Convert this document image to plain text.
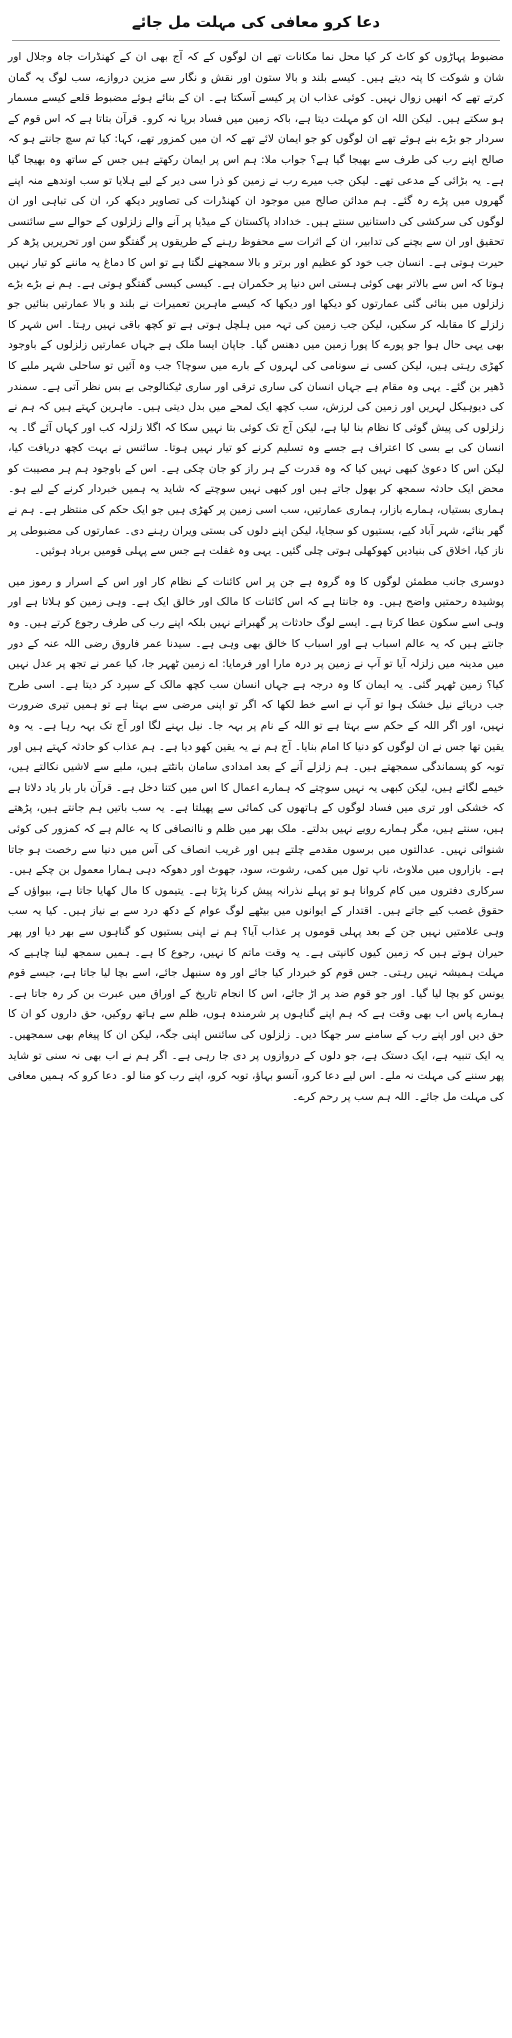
دعا کرو معافی کی مہلت مل جائے

مضبوط پہاڑوں کو کاٹ کر کیا محل نما مکانات تھے ان لوگوں کے کہ آج بھی ان کے کھنڈرات جاہ وجلال اور شان و شوکت کا پتہ دیتے ہیں۔ کیسے بلند و بالا ستون اور نقش و نگار سے مزین دروازے، سب لوگ یہ گمان کرتے تھے کہ انھیں زوال نہیں۔ کوئی عذاب ان پر کیسے آسکتا ہے۔ ان کے بنائے ہوئے مضبوط قلعے کیسے مسمار ہو سکتے ہیں۔ لیکن اللہ ان کو مہلت دیتا ہے، باکہ زمین میں فساد برپا نہ کرو۔ قرآن بتاتا ہے کہ اس قوم کے سردار جو بڑے بنے ہوئے تھے ان لوگوں کو جو ایمان لائے تھے کہ ان میں کمزور تھے، کہا: کیا تم سچ جانتے ہو کہ صالح اپنے رب کی طرف سے بھیجا گیا ہے؟ جواب ملا: ہم اس پر ایمان رکھتے ہیں جس کے ساتھ وہ بھیجا گیا ہے۔ یہ بڑائی کے مدعی تھے۔ لیکن جب میرے رب نے زمین کو ذرا سی دیر کے لیے ہلایا تو سب اوندھے منہ اپنے گھروں میں پڑے رہ گئے۔ ہم مدائن صالح میں موجود ان کھنڈرات کی تصاویر دیکھ کر، ان کی تباہی اور ان لوگوں کی سرکشی کی داستانیں سنتے ہیں۔ خداداد پاکستان کے میڈیا پر آنے والے زلزلوں کے حوالے سے سائنسی تحقیق اور ان سے بچنے کی تدابیر، ان کے اثرات سے محفوظ رہنے کے طریقوں پر گفتگو سن اور تحریریں پڑھ کر حیرت ہوتی ہے۔ انسان جب خود کو عظیم اور برتر و بالا سمجھنے لگتا ہے تو اس کا دماغ یہ ماننے کو تیار نہیں ہوتا کہ اس سے بالاتر بھی کوئی ہستی اس دنیا پر حکمران ہے۔ کیسی کیسی گفتگو ہوتی ہے۔ ہم نے بڑے بڑے زلزلوں میں بنائی گئی عمارتوں کو دیکھا اور دیکھا کہ کیسے ماہرین تعمیرات نے بلند و بالا عمارتیں بنائیں جو زلزلے کا مقابلہ کر سکیں، لیکن جب زمین کی تہہ میں ہلچل ہوتی ہے تو کچھ باقی نہیں رہتا۔ اس شہر کا بھی یہی حال ہوا جو پورے کا پورا زمین میں دھنس گیا۔ جاپان ایسا ملک ہے جہاں عمارتیں زلزلوں کے باوجود کھڑی رہتی ہیں، لیکن کسی نے سونامی کی لہروں کے بارے میں سوچا؟ جب وہ آئیں تو ساحلی شہر ملبے کا ڈھیر بن گئے۔ یہی وہ مقام ہے جہاں انسان کی ساری ترقی اور ساری ٹیکنالوجی بے بس نظر آتی ہے۔ سمندر کی دیوہیکل لہریں اور زمین کی لرزش، سب کچھ ایک لمحے میں بدل دیتی ہیں۔ ماہرین کہتے ہیں کہ ہم نے زلزلوں کی پیش گوئی کا نظام بنا لیا ہے، لیکن آج تک کوئی بتا نہیں سکا کہ اگلا زلزلہ کب اور کہاں آئے گا۔ یہ انسان کی بے بسی کا اعتراف ہے جسے وہ تسلیم کرنے کو تیار نہیں ہوتا۔ سائنس نے بہت کچھ دریافت کیا، لیکن اس کا دعویٰ کبھی نہیں کیا کہ وہ قدرت کے ہر راز کو جان چکی ہے۔ اس کے باوجود ہم ہر مصیبت کو محض ایک حادثہ سمجھ کر بھول جاتے ہیں اور کبھی نہیں سوچتے کہ شاید یہ ہمیں خبردار کرنے کے لیے ہو۔ ہماری بستیاں، ہمارے بازار، ہماری عمارتیں، سب اسی زمین پر کھڑی ہیں جو ایک حکم کی منتظر ہے۔ ہم نے گھر بنائے، شہر آباد کیے، بستیوں کو سجایا، لیکن اپنے دلوں کی بستی ویران رہنے دی۔ عمارتوں کی مضبوطی پر ناز کیا، اخلاق کی بنیادیں کھوکھلی ہوتی چلی گئیں۔ یہی وہ غفلت ہے جس سے پہلی قومیں برباد ہوئیں۔

دوسری جانب مطمئن لوگوں کا وہ گروہ ہے جن پر اس کائنات کے نظام کار اور اس کے اسرار و رموز میں پوشیدہ رحمتیں واضح ہیں۔ وہ جانتا ہے کہ اس کائنات کا مالک اور خالق ایک ہے۔ وہی زمین کو ہلاتا ہے اور وہی اسے سکون عطا کرتا ہے۔ ایسے لوگ حادثات پر گھبراتے نہیں بلکہ اپنے رب کی طرف رجوع کرتے ہیں۔ وہ جانتے ہیں کہ یہ عالم اسباب ہے اور اسباب کا خالق بھی وہی ہے۔ سیدنا عمر فاروق رضی اللہ عنہ کے دور میں مدینہ میں زلزلہ آیا تو آپ نے زمین پر درہ مارا اور فرمایا: اے زمین ٹھہر جا، کیا عمر نے تجھ پر عدل نہیں کیا؟ زمین ٹھہر گئی۔ یہ ایمان کا وہ درجہ ہے جہاں انسان سب کچھ مالک کے سپرد کر دیتا ہے۔ اسی طرح جب دریائے نیل خشک ہوا تو آپ نے اسے خط لکھا کہ اگر تو اپنی مرضی سے بہتا ہے تو ہمیں تیری ضرورت نہیں، اور اگر اللہ کے حکم سے بہتا ہے تو اللہ کے نام پر بہہ جا۔ نیل بہنے لگا اور آج تک بہہ رہا ہے۔ یہ وہ یقین تھا جس نے ان لوگوں کو دنیا کا امام بنایا۔ آج ہم نے یہ یقین کھو دیا ہے۔ ہم عذاب کو حادثہ کہتے ہیں اور توبہ کو پسماندگی سمجھتے ہیں۔ ہم زلزلے آنے کے بعد امدادی سامان بانٹتے ہیں، ملبے سے لاشیں نکالتے ہیں، خیمے لگاتے ہیں، لیکن کبھی یہ نہیں سوچتے کہ ہمارے اعمال کا اس میں کتنا دخل ہے۔ قرآن بار بار یاد دلاتا ہے کہ خشکی اور تری میں فساد لوگوں کے ہاتھوں کی کمائی سے پھیلتا ہے۔ یہ سب باتیں ہم جانتے ہیں، پڑھتے ہیں، سنتے ہیں، مگر ہمارے رویے نہیں بدلتے۔ ملک بھر میں ظلم و ناانصافی کا یہ عالم ہے کہ کمزور کی کوئی شنوائی نہیں۔ عدالتوں میں برسوں مقدمے چلتے ہیں اور غریب انصاف کی آس میں دنیا سے رخصت ہو جاتا ہے۔ بازاروں میں ملاوٹ، ناپ تول میں کمی، رشوت، سود، جھوٹ اور دھوکہ دہی ہمارا معمول بن چکے ہیں۔ سرکاری دفتروں میں کام کروانا ہو تو پہلے نذرانہ پیش کرنا پڑتا ہے۔ یتیموں کا مال کھایا جاتا ہے، بیواؤں کے حقوق غصب کیے جاتے ہیں۔ اقتدار کے ایوانوں میں بیٹھے لوگ عوام کے دکھ درد سے بے نیاز ہیں۔ کیا یہ سب وہی علامتیں نہیں جن کے بعد پہلی قوموں پر عذاب آیا؟ ہم نے اپنی بستیوں کو گناہوں سے بھر دیا اور پھر حیران ہوتے ہیں کہ زمین کیوں کانپتی ہے۔ یہ وقت ماتم کا نہیں، رجوع کا ہے۔ ہمیں سمجھ لینا چاہیے کہ مہلت ہمیشہ نہیں رہتی۔ جس قوم کو خبردار کیا جائے اور وہ سنبھل جائے، اسے بچا لیا جاتا ہے، جیسے قوم یونس کو بچا لیا گیا۔ اور جو قوم ضد پر اڑ جائے، اس کا انجام تاریخ کے اوراق میں عبرت بن کر رہ جاتا ہے۔ ہمارے پاس اب بھی وقت ہے کہ ہم اپنے گناہوں پر شرمندہ ہوں، ظلم سے ہاتھ روکیں، حق داروں کو ان کا حق دیں اور اپنے رب کے سامنے سر جھکا دیں۔ زلزلوں کی سائنس اپنی جگہ، لیکن ان کا پیغام بھی سمجھیں۔ یہ ایک تنبیہ ہے، ایک دستک ہے، جو دلوں کے دروازوں پر دی جا رہی ہے۔ اگر ہم نے اب بھی نہ سنی تو شاید پھر سننے کی مہلت نہ ملے۔ اس لیے دعا کرو، آنسو بہاؤ، توبہ کرو، اپنے رب کو منا لو۔ دعا کرو کہ ہمیں معافی کی مہلت مل جائے۔ اللہ ہم سب پر رحم کرے۔
